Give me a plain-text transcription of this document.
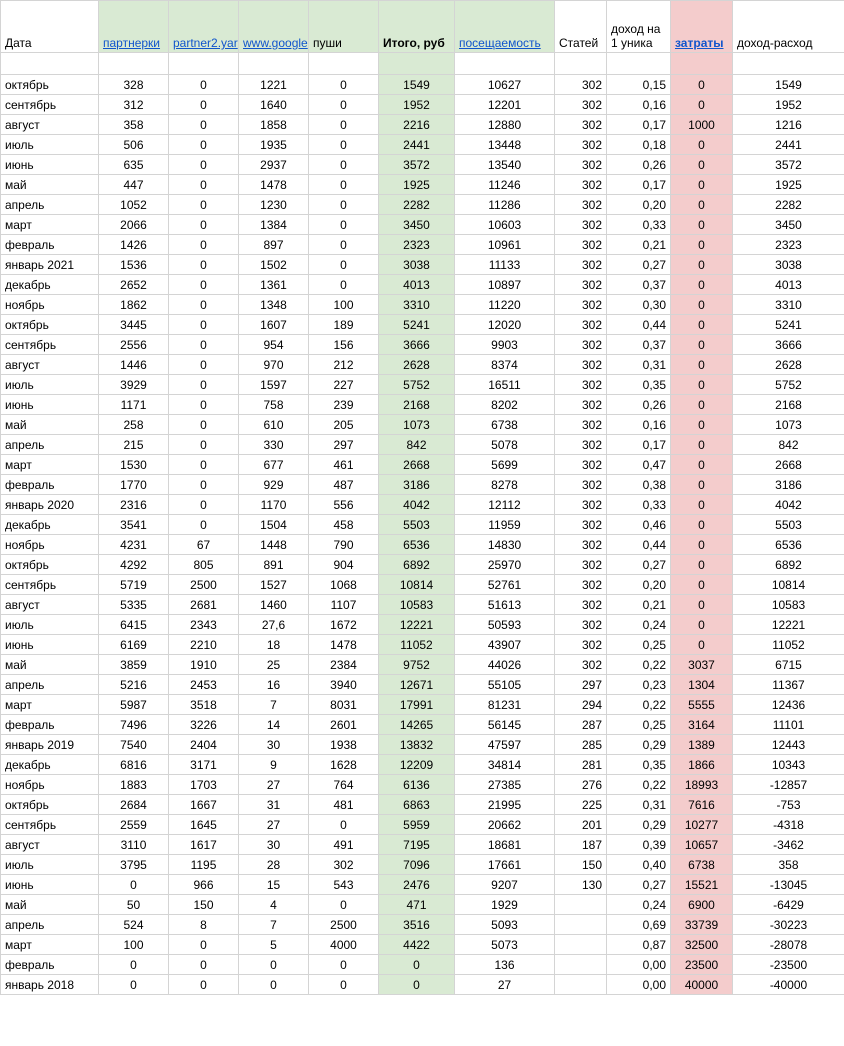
Дата	партнерки	partner2.yar	www.google	пуши	Итого, руб	посещаемость	Статей	доход на 1 уника	затраты	доход-расход

октябрь	328	0	1221	0	1549	10627	302	0,15	0	1549
сентябрь	312	0	1640	0	1952	12201	302	0,16	0	1952
август	358	0	1858	0	2216	12880	302	0,17	1000	1216
июль	506	0	1935	0	2441	13448	302	0,18	0	2441
июнь	635	0	2937	0	3572	13540	302	0,26	0	3572
май	447	0	1478	0	1925	11246	302	0,17	0	1925
апрель	1052	0	1230	0	2282	11286	302	0,20	0	2282
март	2066	0	1384	0	3450	10603	302	0,33	0	3450
февраль	1426	0	897	0	2323	10961	302	0,21	0	2323
январь 2021	1536	0	1502	0	3038	11133	302	0,27	0	3038
декабрь	2652	0	1361	0	4013	10897	302	0,37	0	4013
ноябрь	1862	0	1348	100	3310	11220	302	0,30	0	3310
октябрь	3445	0	1607	189	5241	12020	302	0,44	0	5241
сентябрь	2556	0	954	156	3666	9903	302	0,37	0	3666
август	1446	0	970	212	2628	8374	302	0,31	0	2628
июль	3929	0	1597	227	5752	16511	302	0,35	0	5752
июнь	1171	0	758	239	2168	8202	302	0,26	0	2168
май	258	0	610	205	1073	6738	302	0,16	0	1073
апрель	215	0	330	297	842	5078	302	0,17	0	842
март	1530	0	677	461	2668	5699	302	0,47	0	2668
февраль	1770	0	929	487	3186	8278	302	0,38	0	3186
январь 2020	2316	0	1170	556	4042	12112	302	0,33	0	4042
декабрь	3541	0	1504	458	5503	11959	302	0,46	0	5503
ноябрь	4231	67	1448	790	6536	14830	302	0,44	0	6536
октябрь	4292	805	891	904	6892	25970	302	0,27	0	6892
сентябрь	5719	2500	1527	1068	10814	52761	302	0,20	0	10814
август	5335	2681	1460	1107	10583	51613	302	0,21	0	10583
июль	6415	2343	27,6	1672	12221	50593	302	0,24	0	12221
июнь	6169	2210	18	1478	11052	43907	302	0,25	0	11052
май	3859	1910	25	2384	9752	44026	302	0,22	3037	6715
апрель	5216	2453	16	3940	12671	55105	297	0,23	1304	11367
март	5987	3518	7	8031	17991	81231	294	0,22	5555	12436
февраль	7496	3226	14	2601	14265	56145	287	0,25	3164	11101
январь 2019	7540	2404	30	1938	13832	47597	285	0,29	1389	12443
декабрь	6816	3171	9	1628	12209	34814	281	0,35	1866	10343
ноябрь	1883	1703	27	764	6136	27385	276	0,22	18993	-12857
октябрь	2684	1667	31	481	6863	21995	225	0,31	7616	-753
сентябрь	2559	1645	27	0	5959	20662	201	0,29	10277	-4318
август	3110	1617	30	491	7195	18681	187	0,39	10657	-3462
июль	3795	1195	28	302	7096	17661	150	0,40	6738	358
июнь	0	966	15	543	2476	9207	130	0,27	15521	-13045
май	50	150	4	0	471	1929		0,24	6900	-6429
апрель	524	8	7	2500	3516	5093		0,69	33739	-30223
март	100	0	5	4000	4422	5073		0,87	32500	-28078
февраль	0	0	0	0	0	136		0,00	23500	-23500
январь 2018	0	0	0	0	0	27		0,00	40000	-40000
